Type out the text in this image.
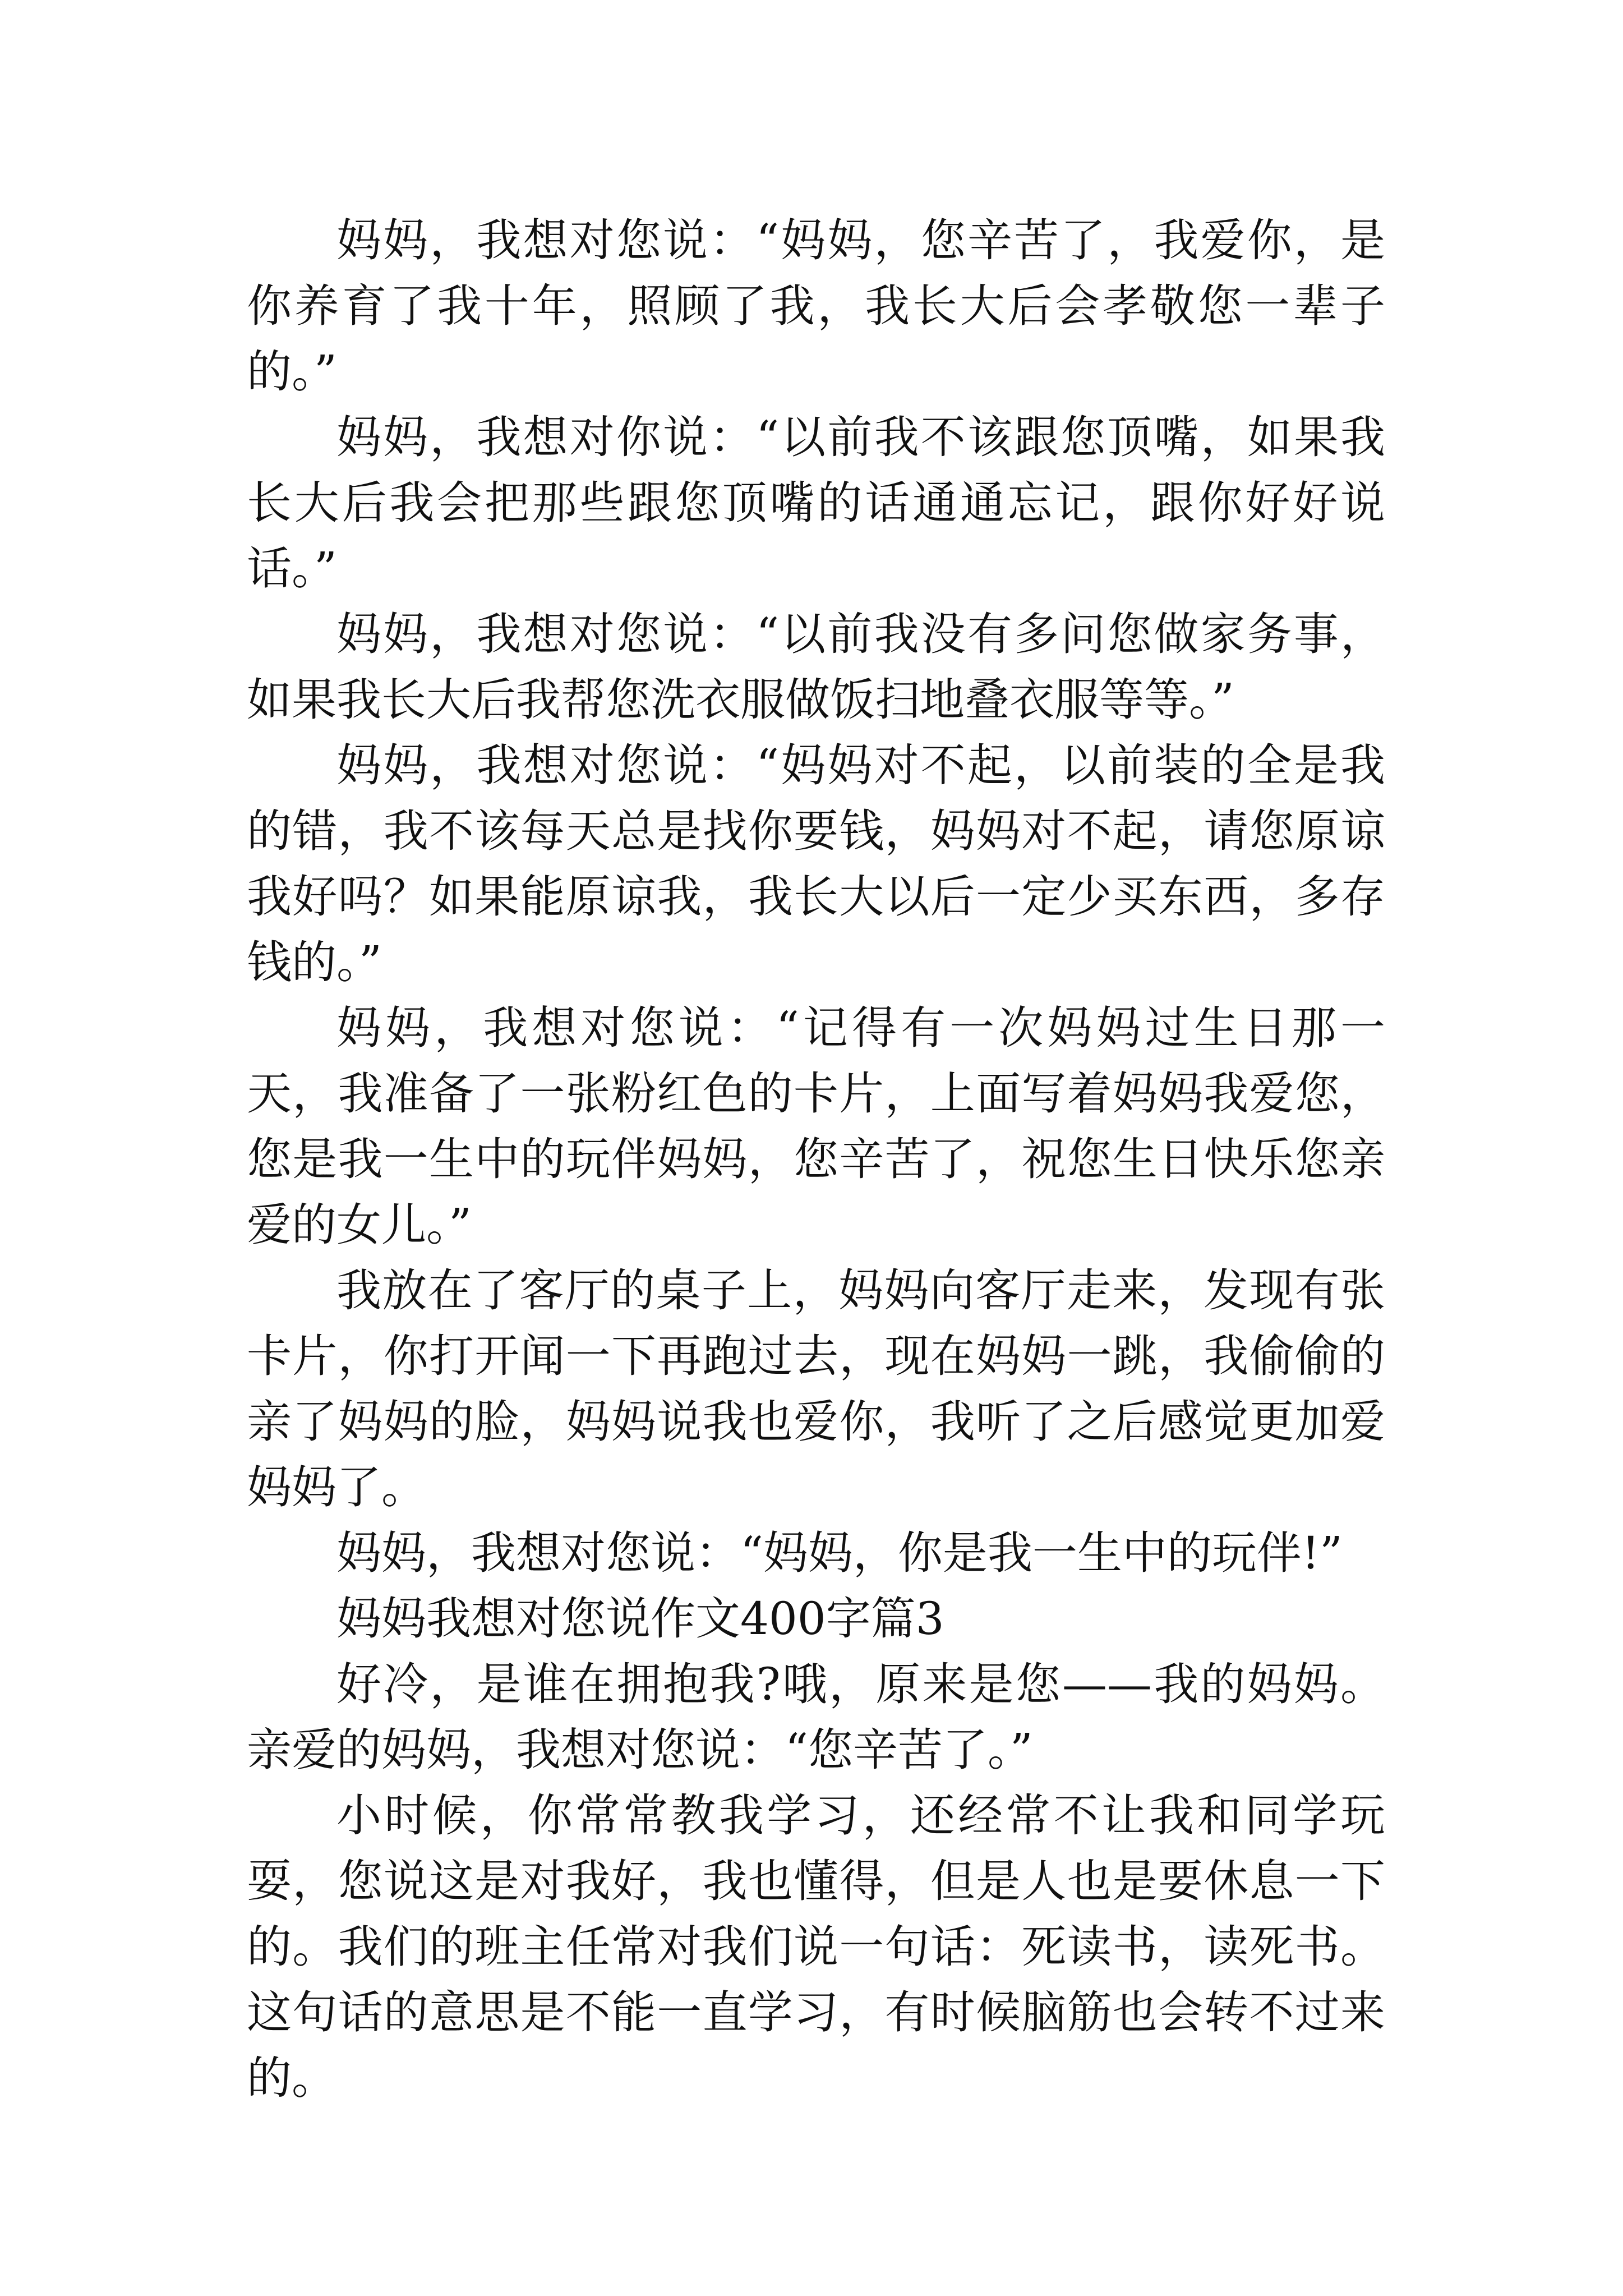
妈妈，我想对您说：“妈妈，您辛苦了，我爱你，是你养育了我十年，照顾了我，我长大后会孝敬您一辈子的。”

妈妈，我想对你说：“以前我不该跟您顶嘴，如果我长大后我会把那些跟您顶嘴的话通通忘记，跟你好好说话。”

妈妈，我想对您说：“以前我没有多问您做家务事，如果我长大后我帮您洗衣服做饭扫地叠衣服等等。”

妈妈，我想对您说：“妈妈对不起，以前装的全是我的错，我不该每天总是找你要钱，妈妈对不起，请您原谅我好吗？如果能原谅我，我长大以后一定少买东西，多存钱的。”

妈妈，我想对您说：“记得有一次妈妈过生日那一天，我准备了一张粉红色的卡片，上面写着妈妈我爱您，您是我一生中的玩伴妈妈，您辛苦了，祝您生日快乐您亲爱的女儿。”

我放在了客厅的桌子上，妈妈向客厅走来，发现有张卡片，你打开闻一下再跑过去，现在妈妈一跳，我偷偷的亲了妈妈的脸，妈妈说我也爱你，我听了之后感觉更加爱妈妈了。

妈妈，我想对您说：“妈妈，你是我一生中的玩伴!”

妈妈我想对您说作文400字篇3

好冷，是谁在拥抱我?哦，原来是您——我的妈妈。亲爱的妈妈，我想对您说：“您辛苦了。”

小时候，你常常教我学习，还经常不让我和同学玩耍，您说这是对我好，我也懂得，但是人也是要休息一下的。我们的班主任常对我们说一句话：死读书，读死书。这句话的意思是不能一直学习，有时候脑筋也会转不过来的。
